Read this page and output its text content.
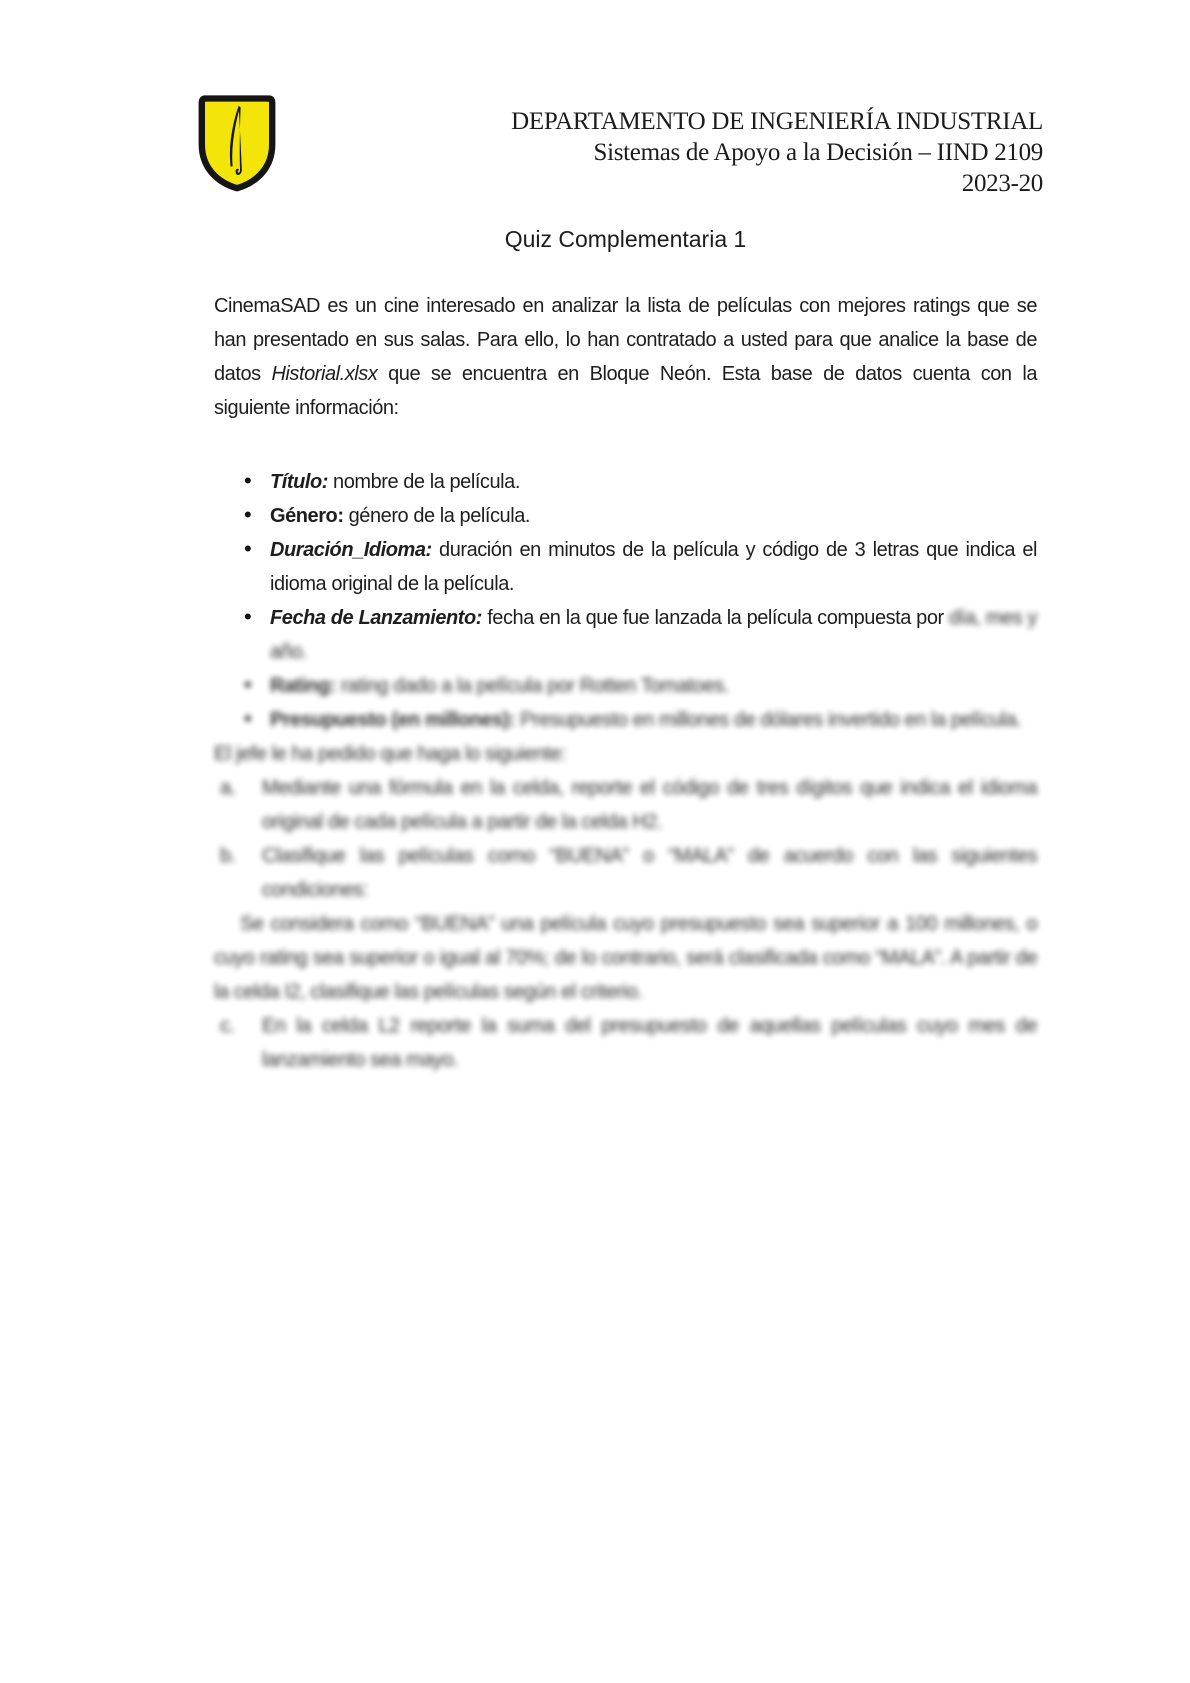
DEPARTAMENTO DE INGENIERÍA INDUSTRIAL
Sistemas de Apoyo a la Decisión – IIND 2109
2023-20
Quiz Complementaria 1

CinemaSAD es un cine interesado en analizar la lista de películas con mejores ratings que se han presentado en sus salas. Para ello, lo han contratado a usted para que analice la base de datos Historial.xlsx que se encuentra en Bloque Neón. Esta base de datos cuenta con la siguiente información:

• Título: nombre de la película.
• Género: género de la película.
• Duración_Idioma: duración en minutos de la película y código de 3 letras que indica el idioma original de la película.
• Fecha de Lanzamiento: fecha en la que fue lanzada la película compuesta por día, mes y año.
• Rating: rating dado a la película por Rotten Tomatoes.
• Presupuesto (en millones): Presupuesto en millones de dólares invertido en la película.

El jefe le ha pedido que haga lo siguiente:

a. Mediante una fórmula en la celda, reporte el código de tres dígitos que indica el idioma original de cada película a partir de la celda H2.
b. Clasifique las películas como “BUENA” o “MALA” de acuerdo con las siguientes condiciones:

Se considera como “BUENA” una película cuyo presupuesto sea superior a 100 millones, o cuyo rating sea superior o igual al 70%; de lo contrario, será clasificada como “MALA”. A partir de la celda I2, clasifique las películas según el criterio.

c. En la celda L2 reporte la suma del presupuesto de aquellas películas cuyo mes de lanzamiento sea mayo.
